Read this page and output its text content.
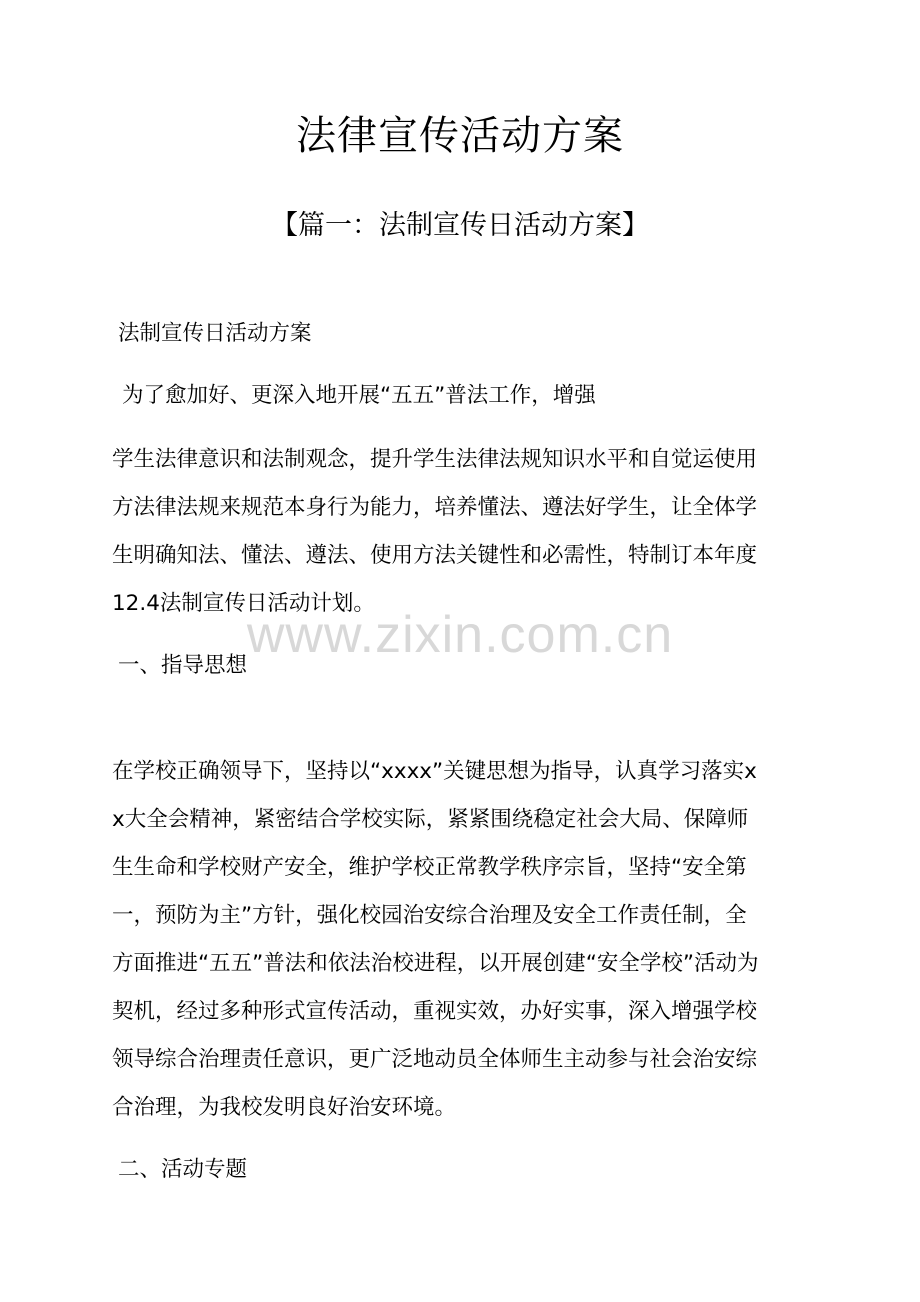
www.zixin.com.cn
法律宣传活动方案
【篇一：法制宣传日活动方案】
法制宣传日活动方案
为了愈加好、更深入地开展“五五”普法工作，增强
学生法律意识和法制观念，提升学生法律法规知识水平和自觉运使用
方法律法规来规范本身行为能力，培养懂法、遵法好学生，让全体学
生明确知法、懂法、遵法、使用方法关键性和必需性，特制订本年度
12.4法制宣传日活动计划。
一、指导思想
在学校正确领导下，坚持以“xxxx”关键思想为指导，认真学习落实x
x大全会精神，紧密结合学校实际，紧紧围绕稳定社会大局、保障师
生生命和学校财产安全，维护学校正常教学秩序宗旨，坚持“安全第
一，预防为主”方针，强化校园治安综合治理及安全工作责任制，全
方面推进“五五”普法和依法治校进程，以开展创建“安全学校”活动为
契机，经过多种形式宣传活动，重视实效，办好实事，深入增强学校
领导综合治理责任意识，更广泛地动员全体师生主动参与社会治安综
合治理，为我校发明良好治安环境。
二、活动专题
